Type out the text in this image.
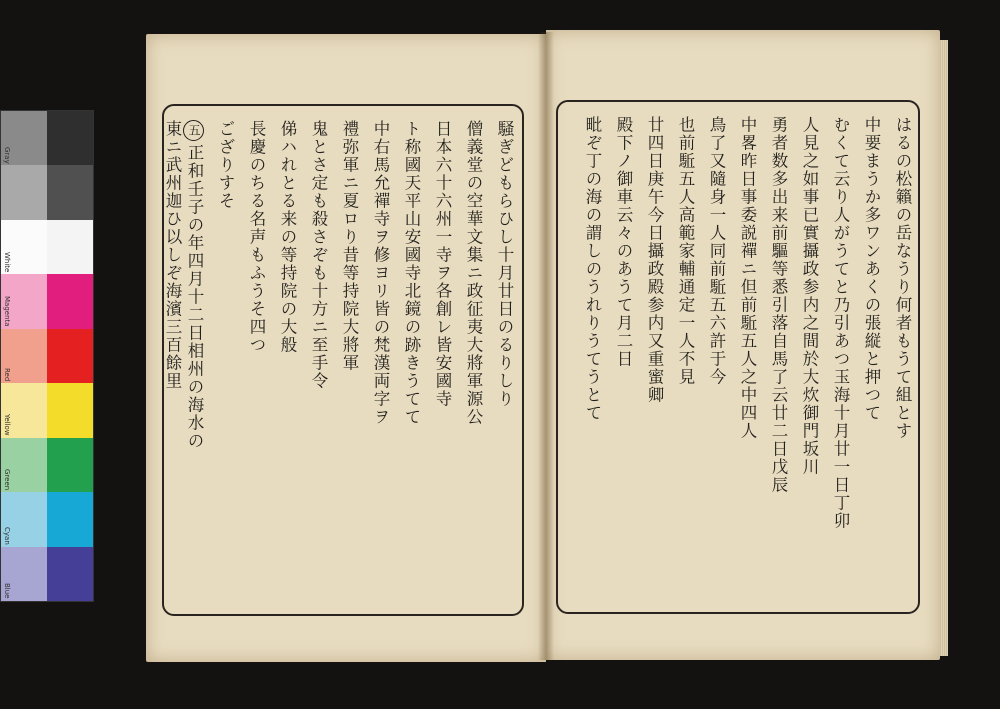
Gray
White
Magenta
Red
Yellow
Green
Cyan
Blue
騒ぎどもらひし十月廿日のるりしり
僧義堂の空華文集ニ政征夷大將軍源公
日本六十六州一寺ヲ各創レ皆安國寺
ト称國天平山安國寺北鏡の跡きうてて
中右馬允禪寺ヲ修ヨリ皆の梵漢両字ヲ
禮弥軍ニ夏ロり昔等持院大將軍
鬼とさ定も殺さぞも十方ニ至手令
俤ハれとる来の等持院の大般
長慶のちる名声もふうそ四つ
ござりすそ
五正和壬子の年四月十二日相州の海水の
東ニ武州迦ひ以しぞ海濱三百餘里	はるの松籟の岳なうり何者もうて組とす
中要まうか多ワンあくの張縦と押つて
むくて云り人がうてと乃引あつ玉海十月廿一日丁卯
人見之如事已實攝政参内之間於大炊御門坂川
勇者数多出来前驅等悉引落自馬了云廿二日戊辰
中畧昨日事委説禪ニ但前駈五人之中四人
鳥了又隨身一人同前駈五六許于今
也前駈五人高範家輔通定一人不見
廿四日庚午今日攝政殿参内又重蜜卿
殿下ノ御車云々のあうて月二日
毗ぞ丁の海の謂しのうれりうてうとて
